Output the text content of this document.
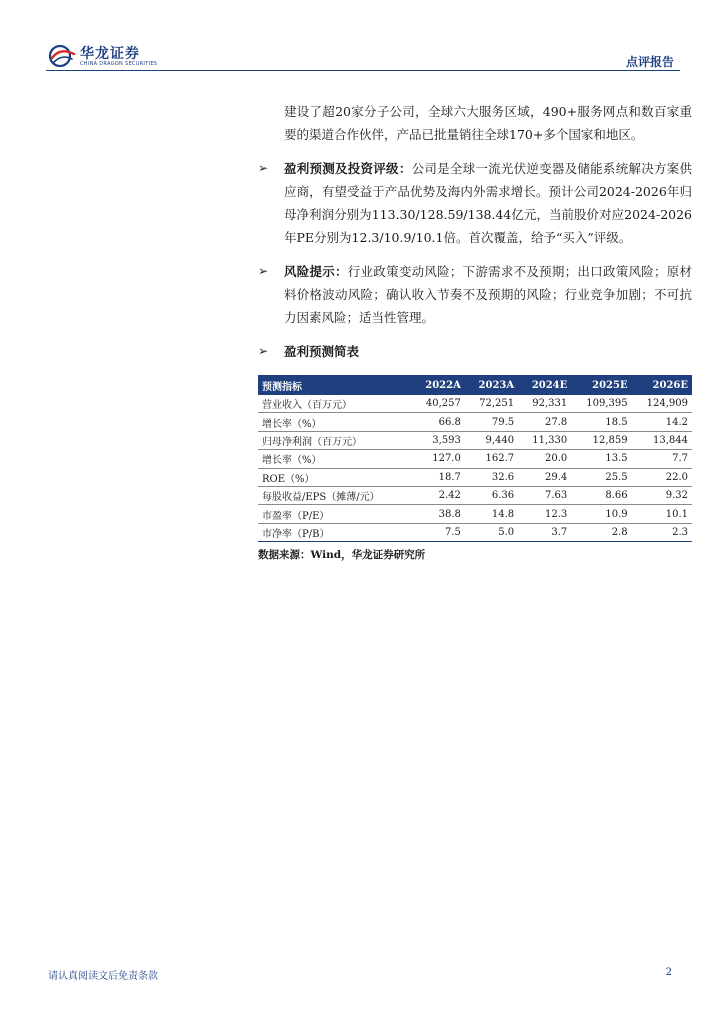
华龙证券
CHINA DRAGON SECURITIES	点评报告

建设了超20家分子公司，全球六大服务区域，490+服务网点和数百家重要的渠道合作伙伴，产品已批量销往全球170+多个国家和地区。

➢ 盈利预测及投资评级：公司是全球一流光伏逆变器及储能系统解决方案供应商，有望受益于产品优势及海内外需求增长。预计公司2024-2026年归母净利润分别为113.30/128.59/138.44亿元，当前股价对应2024-2026年PE分别为12.3/10.9/10.1倍。首次覆盖，给予“买入”评级。

➢ 风险提示：行业政策变动风险；下游需求不及预期；出口政策风险；原材料价格波动风险；确认收入节奏不及预期的风险；行业竞争加剧；不可抗力因素风险；适当性管理。

➢ 盈利预测简表
预测指标	2022A	2023A	2024E	2025E	2026E
营业收入（百万元）	40,257	72,251	92,331	109,395	124,909
增长率（%）	66.8	79.5	27.8	18.5	14.2
归母净利润（百万元）	3,593	9,440	11,330	12,859	13,844
增长率（%）	127.0	162.7	20.0	13.5	7.7
ROE（%）	18.7	32.6	29.4	25.5	22.0
每股收益/EPS（摊薄/元）	2.42	6.36	7.63	8.66	9.32
市盈率（P/E）	38.8	14.8	12.3	10.9	10.1
市净率（P/B）	7.5	5.0	3.7	2.8	2.3
数据来源：Wind，华龙证券研究所
请认真阅读文后免责条款	2
